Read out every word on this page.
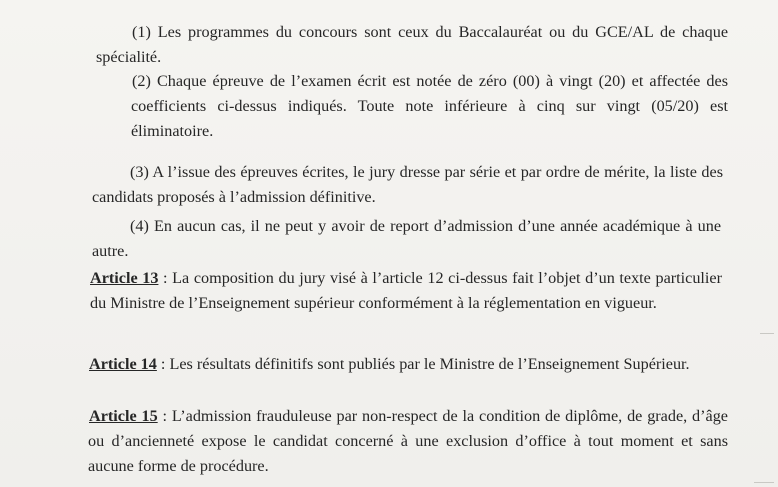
(1) Les programmes du concours sont ceux du Baccalauréat ou du GCE/AL de chaque
spécialité.
(2) Chaque épreuve de l’examen écrit est notée de zéro (00) à vingt (20) et affectée des
coefficients ci-dessus indiqués. Toute note inférieure à cinq sur vingt (05/20) est
éliminatoire.
(3) A l’issue des épreuves écrites, le jury dresse par série et par ordre de mérite, la liste des
candidats proposés à l’admission définitive.
(4) En aucun cas, il ne peut y avoir de report d’admission d’une année académique à une
autre.
Article 13 : La composition du jury visé à l’article 12 ci-dessus fait l’objet d’un texte particulier
du Ministre de l’Enseignement supérieur conformément à la réglementation en vigueur.
Article 14 : Les résultats définitifs sont publiés par le Ministre de l’Enseignement Supérieur.
Article 15 : L’admission frauduleuse par non-respect de la condition de diplôme, de grade, d’âge
ou d’ancienneté expose le candidat concerné à une exclusion d’office à tout moment et sans
aucune forme de procédure.
